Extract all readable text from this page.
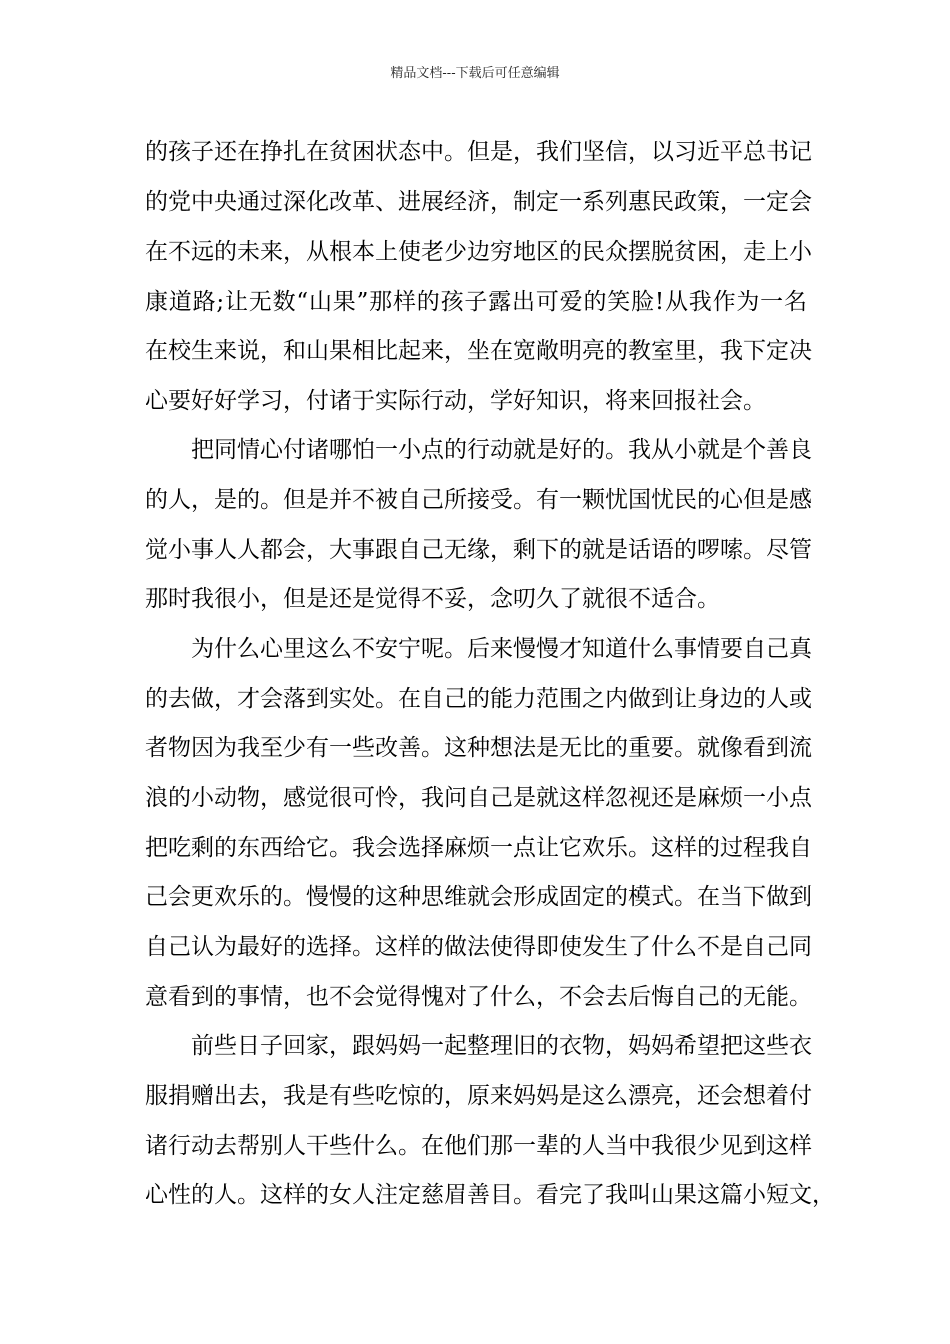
精品文档---下载后可任意编辑
的孩子还在挣扎在贫困状态中。但是，我们坚信，以习近平总书记
的党中央通过深化改革、进展经济，制定一系列惠民政策，一定会
在不远的未来，从根本上使老少边穷地区的民众摆脱贫困，走上小
康道路;让无数“山果”那样的孩子露出可爱的笑脸!从我作为一名
在校生来说，和山果相比起来，坐在宽敞明亮的教室里，我下定决
心要好好学习，付诸于实际行动，学好知识，将来回报社会。
把同情心付诸哪怕一小点的行动就是好的。我从小就是个善良
的人，是的。但是并不被自己所接受。有一颗忧国忧民的心但是感
觉小事人人都会，大事跟自己无缘，剩下的就是话语的啰嗦。尽管
那时我很小，但是还是觉得不妥，念叨久了就很不适合。
为什么心里这么不安宁呢。后来慢慢才知道什么事情要自己真
的去做，才会落到实处。在自己的能力范围之内做到让身边的人或
者物因为我至少有一些改善。这种想法是无比的重要。就像看到流
浪的小动物，感觉很可怜，我问自己是就这样忽视还是麻烦一小点
把吃剩的东西给它。我会选择麻烦一点让它欢乐。这样的过程我自
己会更欢乐的。慢慢的这种思维就会形成固定的模式。在当下做到
自己认为最好的选择。这样的做法使得即使发生了什么不是自己同
意看到的事情，也不会觉得愧对了什么，不会去后悔自己的无能。
前些日子回家，跟妈妈一起整理旧的衣物，妈妈希望把这些衣
服捐赠出去，我是有些吃惊的，原来妈妈是这么漂亮，还会想着付
诸行动去帮别人干些什么。在他们那一辈的人当中我很少见到这样
心性的人。这样的女人注定慈眉善目。看完了我叫山果这篇小短文，
